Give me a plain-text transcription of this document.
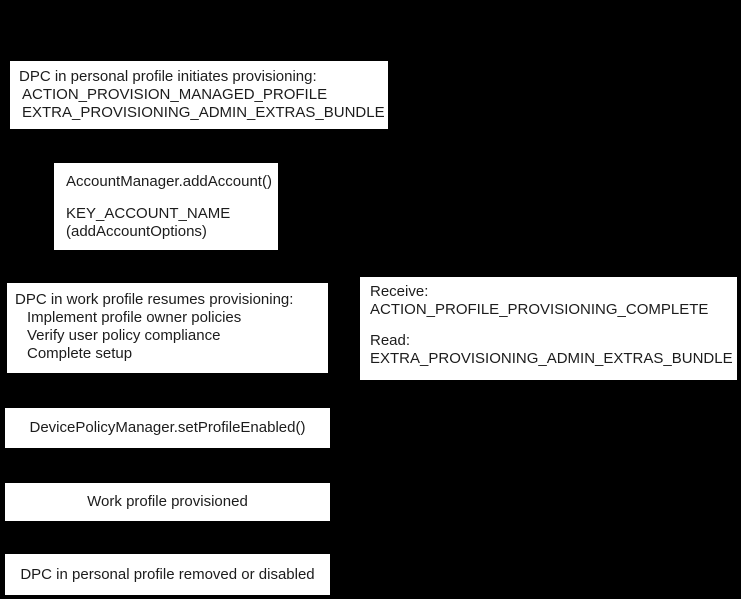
DPC in personal profile initiates provisioning:
ACTION_PROVISION_MANAGED_PROFILE
EXTRA_PROVISIONING_ADMIN_EXTRAS_BUNDLE
AccountManager.addAccount()
KEY_ACCOUNT_NAME
(addAccountOptions)
DPC in work profile resumes provisioning:
Implement profile owner policies
Verify user policy compliance
Complete setup
Receive:
ACTION_PROFILE_PROVISIONING_COMPLETE
Read:
EXTRA_PROVISIONING_ADMIN_EXTRAS_BUNDLE
DevicePolicyManager.setProfileEnabled()
Work profile provisioned
DPC in personal profile removed or disabled
